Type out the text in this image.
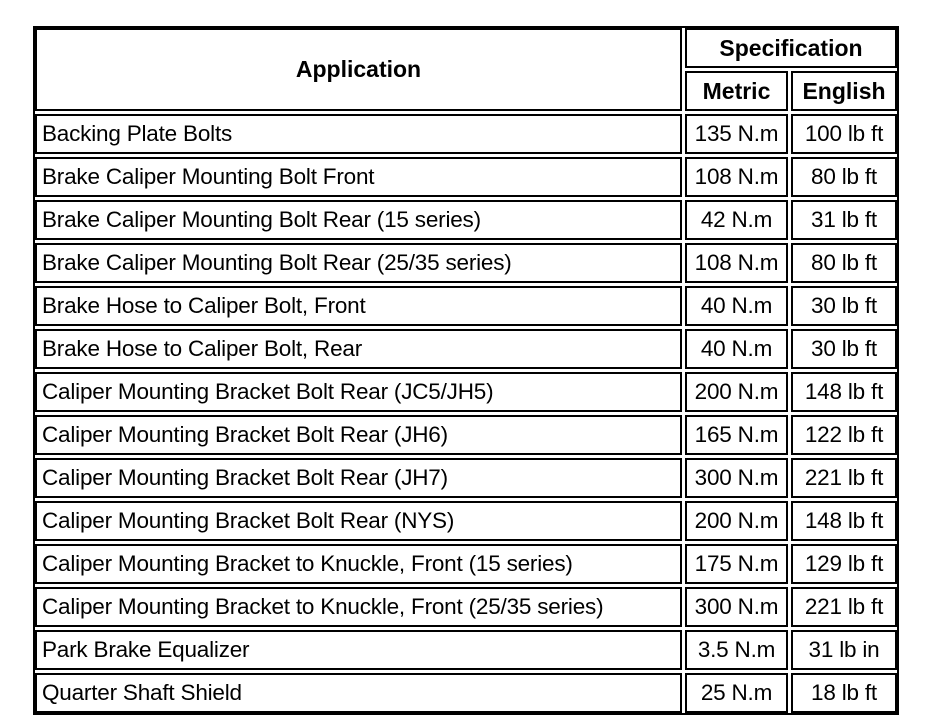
Application	Specification	
	Metric	English
Backing Plate Bolts	135 N.m	100 lb ft
Brake Caliper Mounting Bolt Front	108 N.m	80 lb ft
Brake Caliper Mounting Bolt Rear (15 series)	42 N.m	31 lb ft
Brake Caliper Mounting Bolt Rear (25/35 series)	108 N.m	80 lb ft
Brake Hose to Caliper Bolt, Front	40 N.m	30 lb ft
Brake Hose to Caliper Bolt, Rear	40 N.m	30 lb ft
Caliper Mounting Bracket Bolt Rear (JC5/JH5)	200 N.m	148 lb ft
Caliper Mounting Bracket Bolt Rear (JH6)	165 N.m	122 lb ft
Caliper Mounting Bracket Bolt Rear (JH7)	300 N.m	221 lb ft
Caliper Mounting Bracket Bolt Rear (NYS)	200 N.m	148 lb ft
Caliper Mounting Bracket to Knuckle, Front (15 series)	175 N.m	129 lb ft
Caliper Mounting Bracket to Knuckle, Front (25/35 series)	300 N.m	221 lb ft
Park Brake Equalizer	3.5 N.m	31 lb in
Quarter Shaft Shield	25 N.m	18 lb ft
